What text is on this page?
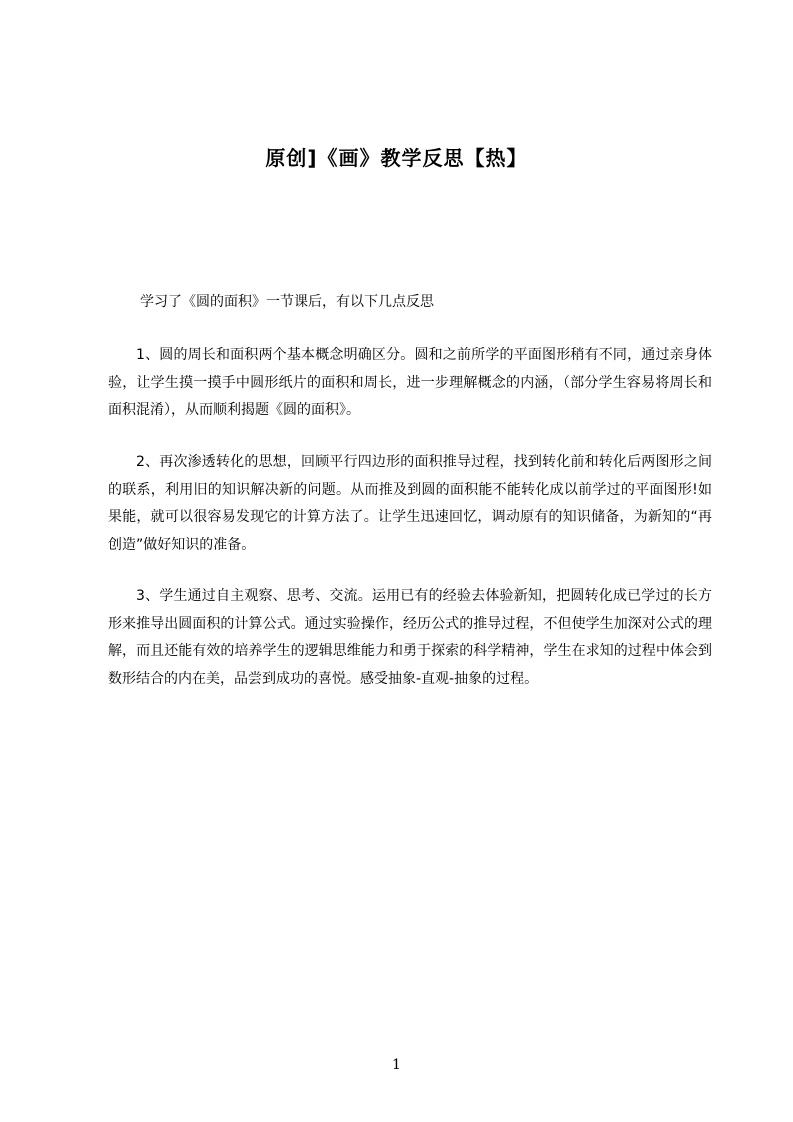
原创]《画》教学反思【热】

学习了《圆的面积》一节课后，有以下几点反思

1、圆的周长和面积两个基本概念明确区分。圆和之前所学的平面图形稍有不同，通过亲身体验，让学生摸一摸手中圆形纸片的面积和周长，进一步理解概念的内涵，（部分学生容易将周长和面积混淆），从而顺利揭题《圆的面积》。

2、再次渗透转化的思想，回顾平行四边形的面积推导过程，找到转化前和转化后两图形之间的联系，利用旧的知识解决新的问题。从而推及到圆的面积能不能转化成以前学过的平面图形!如果能，就可以很容易发现它的计算方法了。让学生迅速回忆，调动原有的知识储备，为新知的“再创造”做好知识的准备。

3、学生通过自主观察、思考、交流。运用已有的经验去体验新知，把圆转化成已学过的长方形来推导出圆面积的计算公式。通过实验操作，经历公式的推导过程，不但使学生加深对公式的理解，而且还能有效的培养学生的逻辑思维能力和勇于探索的科学精神，学生在求知的过程中体会到数形结合的内在美，品尝到成功的喜悦。感受抽象-直观-抽象的过程。

1
